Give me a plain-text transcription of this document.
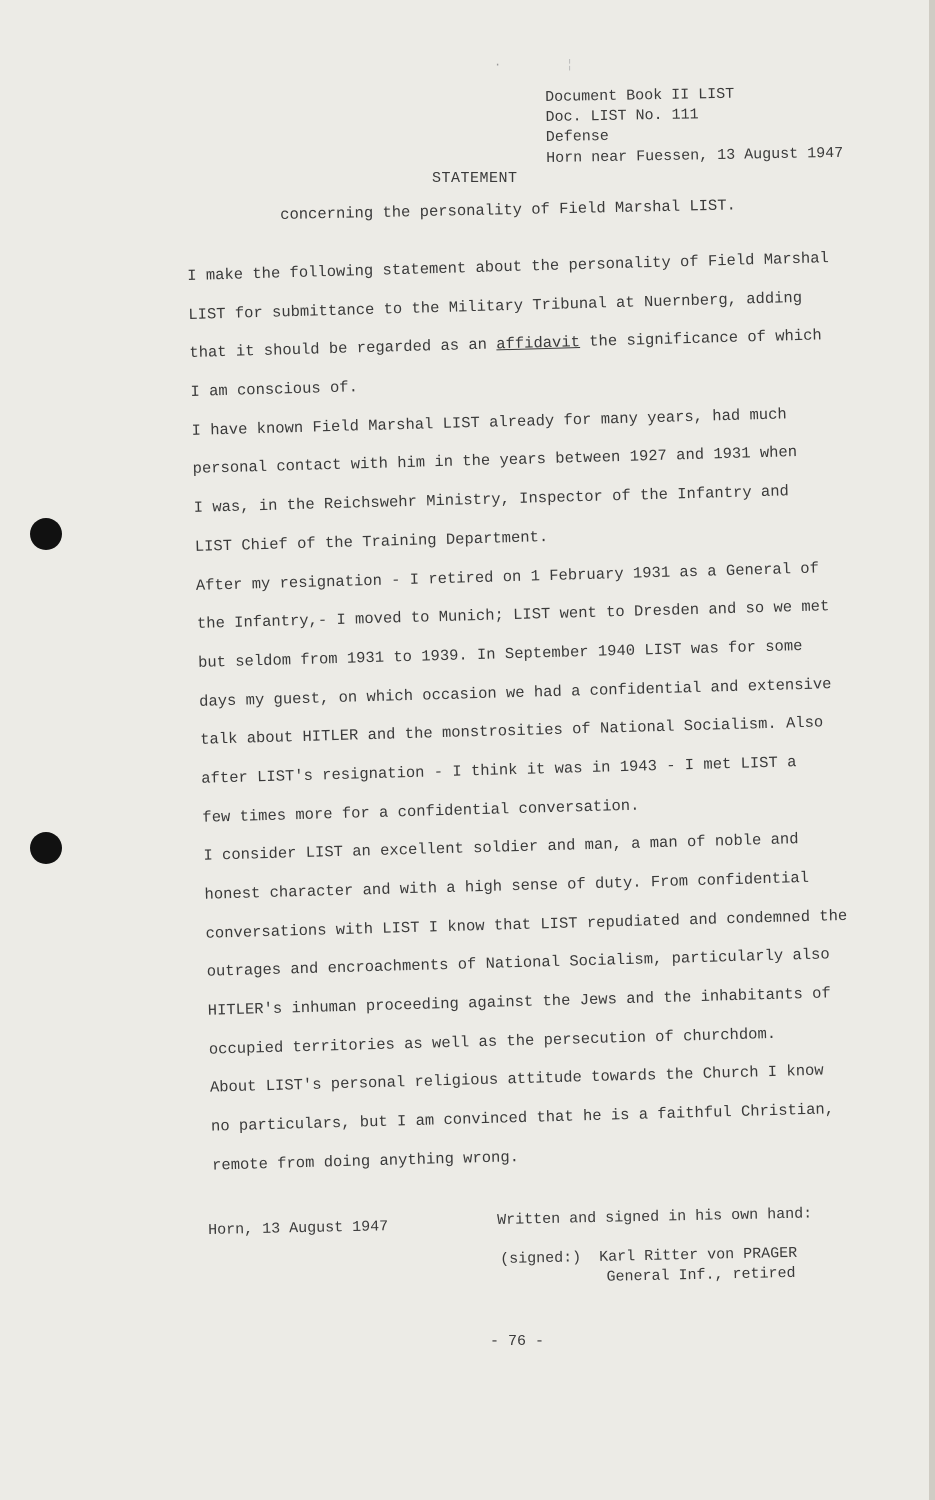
·	¦
Document Book II LIST
Doc. LIST No. 111
Defense
Horn near Fuessen, 13 August 1947
STATEMENT
concerning the personality of Field Marshal LIST.
I make the following statement about the personality of Field Marshal
LIST for submittance to the Military Tribunal at Nuernberg, adding
that it should be regarded as an affidavit the significance of which
I am conscious of.
I have known Field Marshal LIST already for many years, had much
personal contact with him in the years between 1927 and 1931 when
I was, in the Reichswehr Ministry, Inspector of the Infantry and
LIST Chief of the Training Department.
After my resignation - I retired on 1 February 1931 as a General of
the Infantry,- I moved to Munich; LIST went to Dresden and so we met
but seldom from 1931 to 1939. In September 1940 LIST was for some
days my guest, on which occasion we had a confidential and extensive
talk about HITLER and the monstrosities of National Socialism. Also
after LIST's resignation - I think it was in 1943 - I met LIST a
few times more for a confidential conversation.
I consider LIST an excellent soldier and man, a man of noble and
honest character and with a high sense of duty. From confidential
conversations with LIST I know that LIST repudiated and condemned the
outrages and encroachments of National Socialism, particularly also
HITLER's inhuman proceeding against the Jews and the inhabitants of
occupied territories as well as the persecution of churchdom.
About LIST's personal religious attitude towards the Church I know
no particulars, but I am convinced that he is a faithful Christian,
remote from doing anything wrong.
Horn, 13 August 1947	Written and signed in his own hand:
(signed:) Karl Ritter von PRAGER
General Inf., retired
- 76 -
